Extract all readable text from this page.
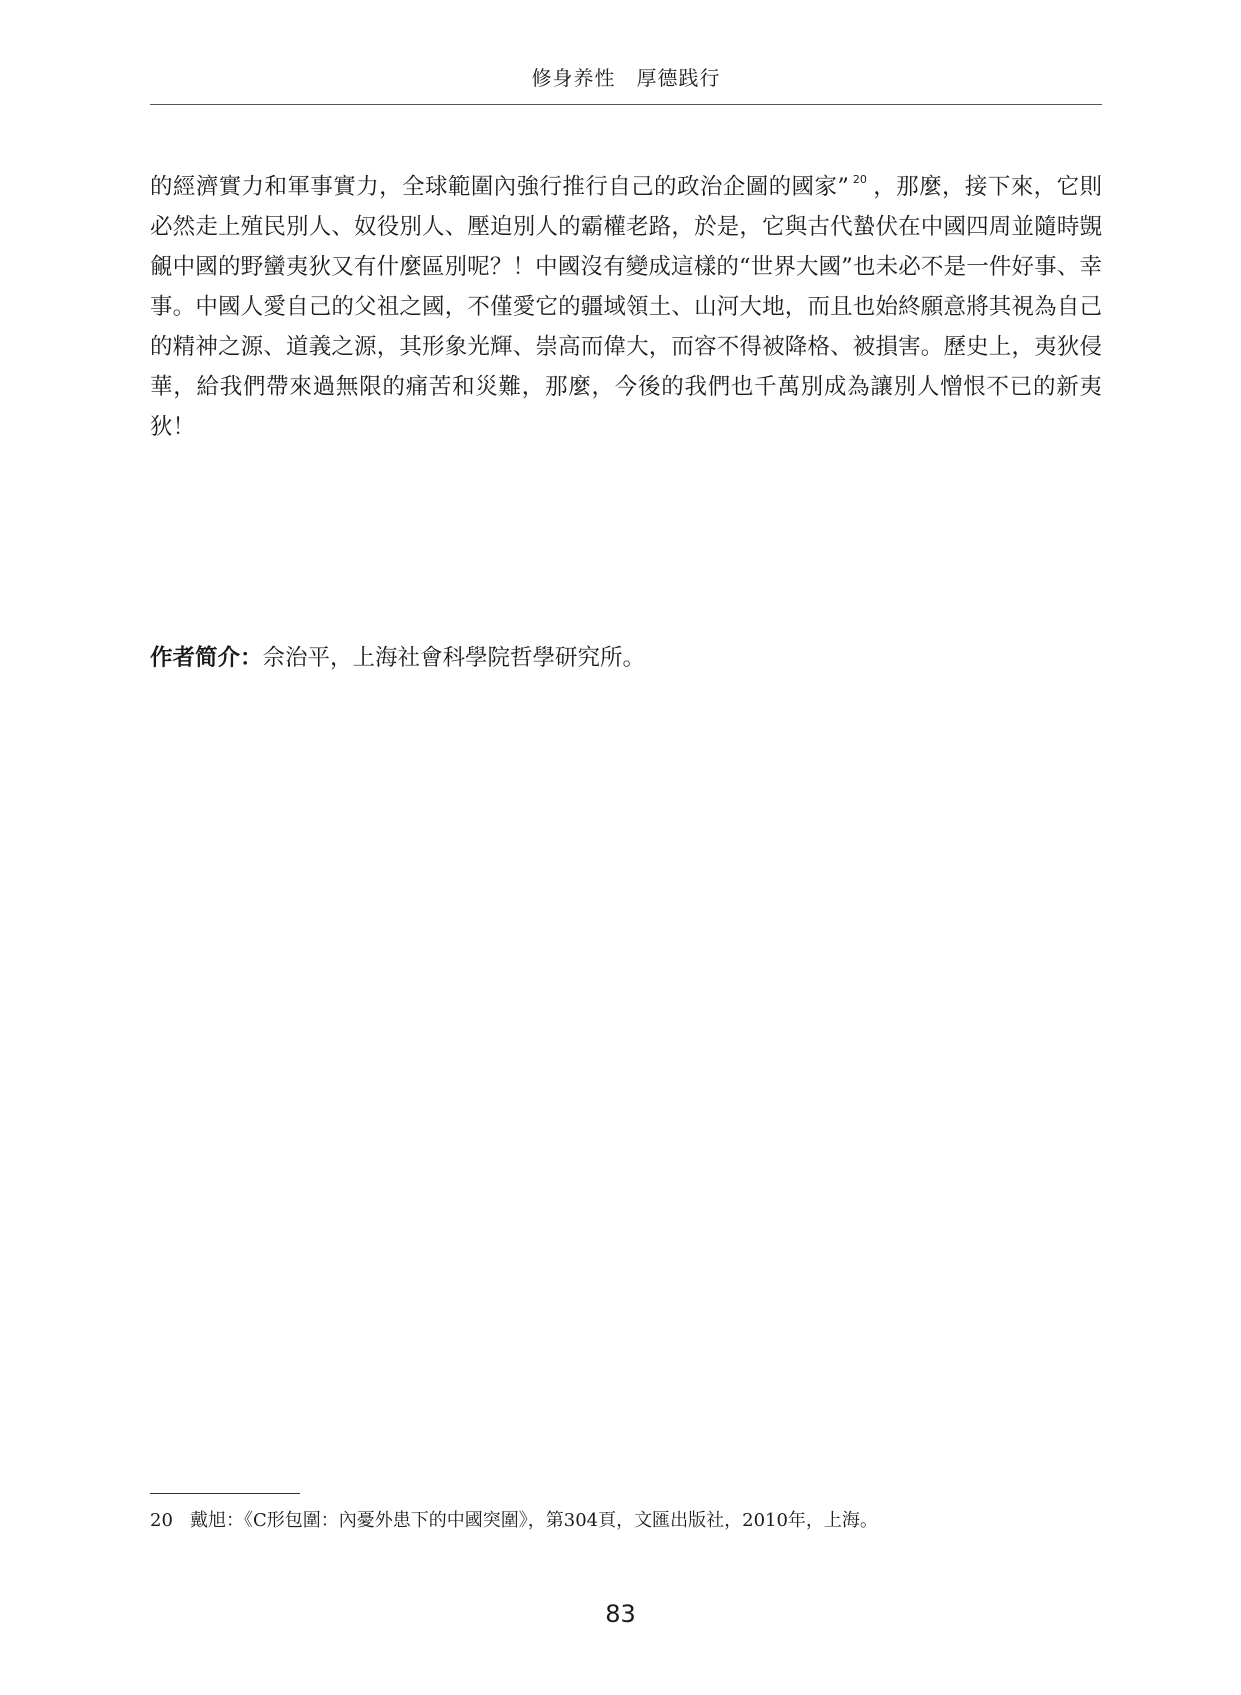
修身养性　厚德践行

的經濟實力和軍事實力，全球範圍內強行推行自己的政治企圖的國家” $^{20}$ ，那麼，接下來，它則必然走上殖民別人、奴役別人、壓迫別人的霸權老路，於是，它與古代蟄伏在中國四周並隨時覬覦中國的野蠻夷狄又有什麼區別呢？！中國沒有變成這樣的“世界大國”也未必不是一件好事、幸事。中國人愛自己的父祖之國，不僅愛它的疆域領土、山河大地，而且也始終願意將其視為自己的精神之源、道義之源，其形象光輝、崇高而偉大，而容不得被降格、被損害。歷史上，夷狄侵華，給我們帶來過無限的痛苦和災難，那麼，今後的我們也千萬別成為讓別人憎恨不已的新夷狄！

作者简介：佘治平，上海社會科學院哲學研究所。
20 戴旭：《C形包圍：內憂外患下的中國突圍》，第304頁，文匯出版社，2010年，上海。
83
